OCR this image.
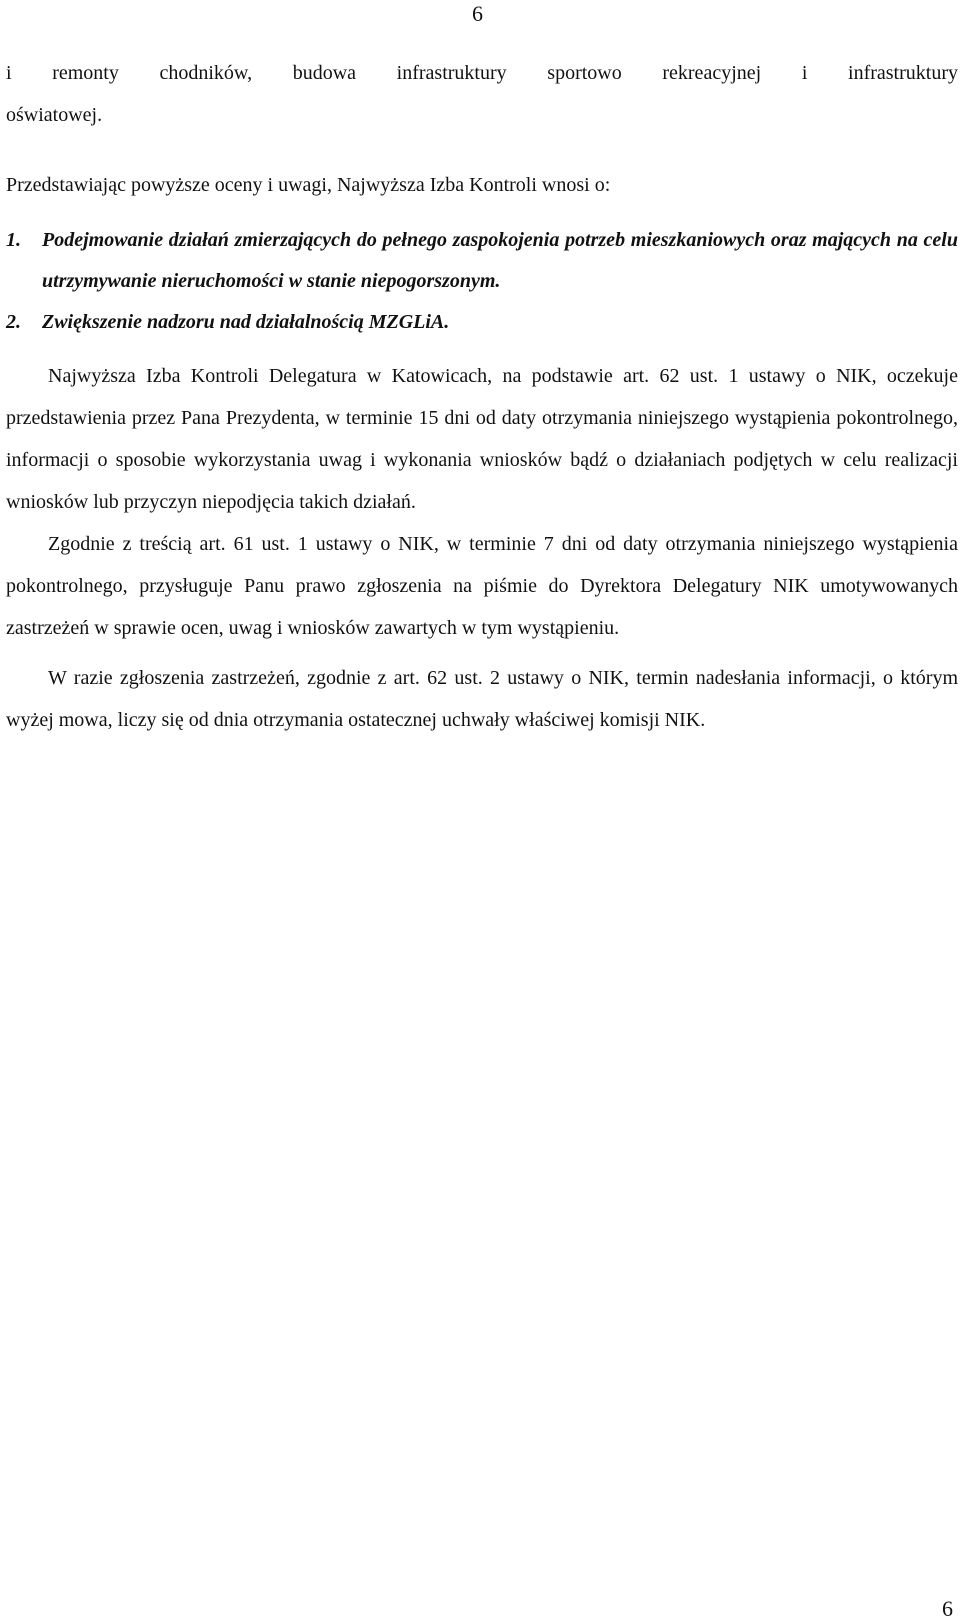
6

i remonty chodników, budowa infrastruktury sportowo rekreacyjnej i infrastruktury

oświatowej.

Przedstawiając powyższe oceny i uwagi, Najwyższa Izba Kontroli wnosi o:

1.	Podejmowanie działań zmierzających do pełnego zaspokojenia potrzeb mieszkaniowych oraz mających na celu utrzymywanie nieruchomości w stanie niepogorszonym.
2.	Zwiększenie nadzoru nad działalnością MZGLiA.

Najwyższa Izba Kontroli Delegatura w Katowicach, na podstawie art. 62 ust. 1 ustawy o NIK, oczekuje przedstawienia przez Pana Prezydenta, w terminie 15 dni od daty otrzymania niniejszego wystąpienia pokontrolnego, informacji o sposobie wykorzystania uwag i wykonania wniosków bądź o działaniach podjętych w celu realizacji wniosków lub przyczyn niepodjęcia takich działań.

Zgodnie z treścią art. 61 ust. 1 ustawy o NIK, w terminie 7 dni od daty otrzymania niniejszego wystąpienia pokontrolnego, przysługuje Panu prawo zgłoszenia na piśmie do Dyrektora Delegatury NIK umotywowanych zastrzeżeń w sprawie ocen, uwag i wniosków zawartych w tym wystąpieniu.

W razie zgłoszenia zastrzeżeń, zgodnie z art. 62 ust. 2 ustawy o NIK, termin nadesłania informacji, o którym wyżej mowa, liczy się od dnia otrzymania ostatecznej uchwały właściwej komisji NIK.

6
